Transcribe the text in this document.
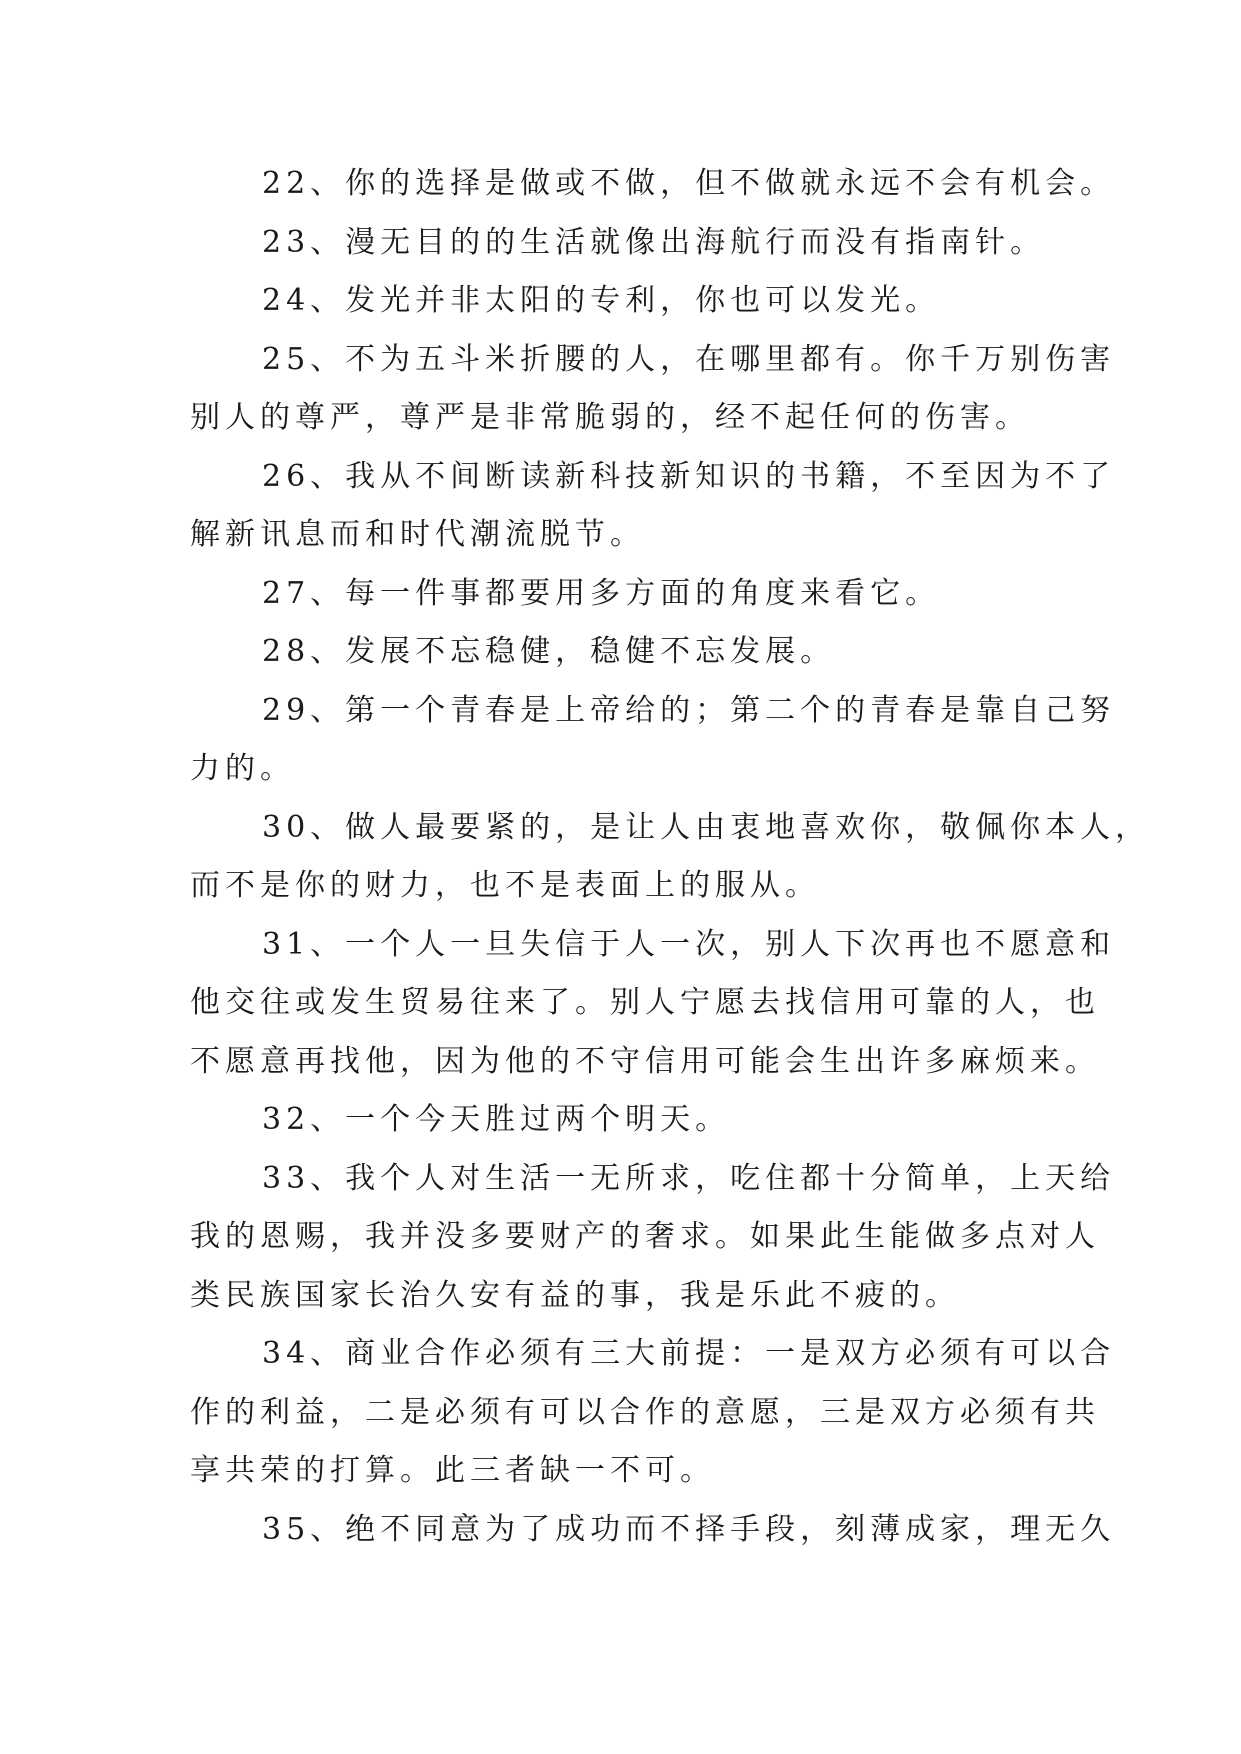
22、你的选择是做或不做，但不做就永远不会有机会。

23、漫无目的的生活就像出海航行而没有指南针。

24、发光并非太阳的专利，你也可以发光。

25、不为五斗米折腰的人，在哪里都有。你千万别伤害
别人的尊严，尊严是非常脆弱的，经不起任何的伤害。

26、我从不间断读新科技新知识的书籍，不至因为不了
解新讯息而和时代潮流脱节。

27、每一件事都要用多方面的角度来看它。

28、发展不忘稳健，稳健不忘发展。

29、第一个青春是上帝给的；第二个的青春是靠自己努
力的。

30、做人最要紧的，是让人由衷地喜欢你，敬佩你本人，
而不是你的财力，也不是表面上的服从。

31、一个人一旦失信于人一次，别人下次再也不愿意和
他交往或发生贸易往来了。别人宁愿去找信用可靠的人，也
不愿意再找他，因为他的不守信用可能会生出许多麻烦来。

32、一个今天胜过两个明天。

33、我个人对生活一无所求，吃住都十分简单，上天给
我的恩赐，我并没多要财产的奢求。如果此生能做多点对人
类民族国家长治久安有益的事，我是乐此不疲的。

34、商业合作必须有三大前提：一是双方必须有可以合
作的利益，二是必须有可以合作的意愿，三是双方必须有共
享共荣的打算。此三者缺一不可。

35、绝不同意为了成功而不择手段，刻薄成家，理无久
